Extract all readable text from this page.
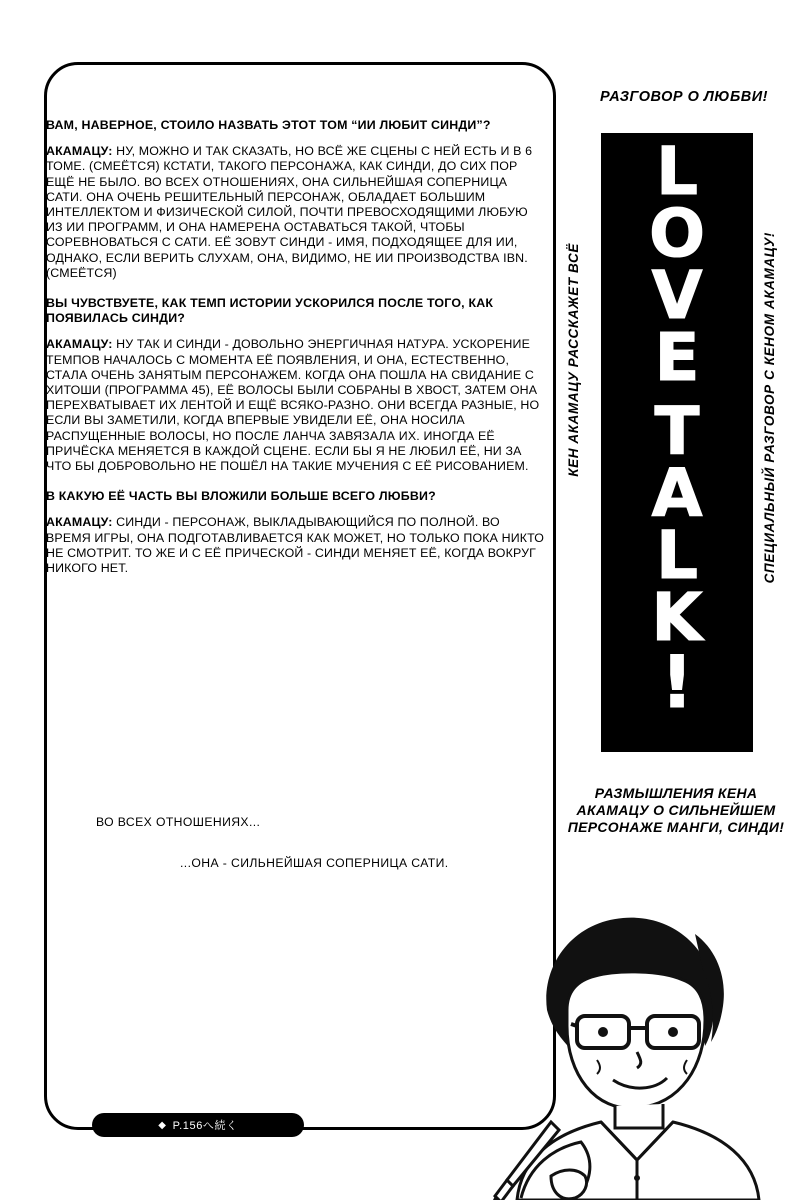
ВАМ, НАВЕРНОЕ, СТОИЛО НАЗВАТЬ ЭТОТ ТОМ “ИИ ЛЮБИТ СИНДИ”?

АКАМАЦУ: НУ, МОЖНО И ТАК СКАЗАТЬ, НО ВСЁ ЖЕ СЦЕНЫ С НЕЙ ЕСТЬ И В 6 ТОМЕ. (СМЕЁТСЯ) КСТАТИ, ТАКОГО ПЕРСОНАЖА, КАК СИНДИ, ДО СИХ ПОР ЕЩЁ НЕ БЫЛО. ВО ВСЕХ ОТНОШЕНИЯХ, ОНА СИЛЬНЕЙШАЯ СОПЕРНИЦА САТИ. ОНА ОЧЕНЬ РЕШИТЕЛЬНЫЙ ПЕРСОНАЖ, ОБЛАДАЕТ БОЛЬШИМ ИНТЕЛЛЕКТОМ И ФИЗИЧЕСКОЙ СИЛОЙ, ПОЧТИ ПРЕВОСХОДЯЩИМИ ЛЮБУЮ ИЗ ИИ ПРОГРАММ, И ОНА НАМЕРЕНА ОСТАВАТЬСЯ ТАКОЙ, ЧТОБЫ СОРЕВНОВАТЬСЯ С САТИ. ЕЁ ЗОВУТ СИНДИ - ИМЯ, ПОДХОДЯЩЕЕ ДЛЯ ИИ, ОДНАКО, ЕСЛИ ВЕРИТЬ СЛУХАМ, ОНА, ВИДИМО, НЕ ИИ ПРОИЗВОДСТВА IBN. (СМЕЁТСЯ)

ВЫ ЧУВСТВУЕТЕ, КАК ТЕМП ИСТОРИИ УСКОРИЛСЯ ПОСЛЕ ТОГО, КАК ПОЯВИЛАСЬ СИНДИ?

АКАМАЦУ: НУ ТАК И СИНДИ - ДОВОЛЬНО ЭНЕРГИЧНАЯ НАТУРА. УСКОРЕНИЕ ТЕМПОВ НАЧАЛОСЬ С МОМЕНТА ЕЁ ПОЯВЛЕНИЯ, И ОНА, ЕСТЕСТВЕННО, СТАЛА ОЧЕНЬ ЗАНЯТЫМ ПЕРСОНАЖЕМ. КОГДА ОНА ПОШЛА НА СВИДАНИЕ С ХИТОШИ (ПРОГРАММА 45), ЕЁ ВОЛОСЫ БЫЛИ СОБРАНЫ В ХВОСТ, ЗАТЕМ ОНА ПЕРЕХВАТЫВАЕТ ИХ ЛЕНТОЙ И ЕЩЁ ВСЯКО-РАЗНО. ОНИ ВСЕГДА РАЗНЫЕ, НО ЕСЛИ ВЫ ЗАМЕТИЛИ, КОГДА ВПЕРВЫЕ УВИДЕЛИ ЕЁ, ОНА НОСИЛА РАСПУЩЕННЫЕ ВОЛОСЫ, НО ПОСЛЕ ЛАНЧА ЗАВЯЗАЛА ИХ. ИНОГДА ЕЁ ПРИЧЁСКА МЕНЯЕТСЯ В КАЖДОЙ СЦЕНЕ. ЕСЛИ БЫ Я НЕ ЛЮБИЛ ЕЁ, НИ ЗА ЧТО БЫ ДОБРОВОЛЬНО НЕ ПОШЁЛ НА ТАКИЕ МУЧЕНИЯ С ЕЁ РИСОВАНИЕМ.

В КАКУЮ ЕЁ ЧАСТЬ ВЫ ВЛОЖИЛИ БОЛЬШЕ ВСЕГО ЛЮБВИ?

АКАМАЦУ: СИНДИ - ПЕРСОНАЖ, ВЫКЛАДЫВАЮЩИЙСЯ ПО ПОЛНОЙ. ВО ВРЕМЯ ИГРЫ, ОНА ПОДГОТАВЛИВАЕТСЯ КАК МОЖЕТ, НО ТОЛЬКО ПОКА НИКТО НЕ СМОТРИТ. ТО ЖЕ И С ЕЁ ПРИЧЕСКОЙ - СИНДИ МЕНЯЕТ ЕЁ, КОГДА ВОКРУГ НИКОГО НЕТ.

ВО ВСЕХ ОТНОШЕНИЯХ...
...ОНА - СИЛЬНЕЙШАЯ СОПЕРНИЦА САТИ.
◆ P.156へ続く
РАЗГОВОР О ЛЮБВИ!
L
O
V
E
T
A
L
K
!
КЕН АКАМАЦУ РАССКАЖЕТ ВСЁ	СПЕЦИАЛЬНЫЙ РАЗГОВОР С КЕНОМ АКАМАЦУ!
РАЗМЫШЛЕНИЯ КЕНА АКАМАЦУ О СИЛЬНЕЙШЕМ ПЕРСОНАЖЕ МАНГИ, СИНДИ!
